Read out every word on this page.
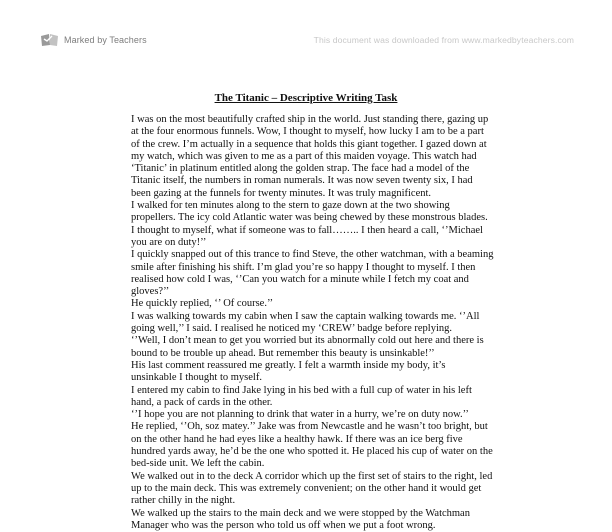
Marked by Teachers	This document was downloaded from www.markedbyteachers.com
The Titanic – Descriptive Writing Task
I was on the most beautifully crafted ship in the world. Just standing there, gazing up
at the four enormous funnels. Wow, I thought to myself, how lucky I am to be a part
of the crew. I’m actually in a sequence that holds this giant together. I gazed down at
my watch, which was given to me as a part of this maiden voyage. This watch had
‘Titanic’ in platinum entitled along the golden strap. The face had a model of the
Titanic itself, the numbers in roman numerals. It was now seven twenty six, I had
been gazing at the funnels for twenty minutes. It was truly magnificent.
I walked for ten minutes along to the stern to gaze down at the two showing
propellers. The icy cold Atlantic water was being chewed by these monstrous blades.
I thought to myself, what if someone was to fall…….. I then heard a call, ‘’Michael
you are on duty!’’
I quickly snapped out of this trance to find Steve, the other watchman, with a beaming
smile after finishing his shift. I’m glad you’re so happy I thought to myself. I then
realised how cold I was, ‘’Can you watch for a minute while I fetch my coat and
gloves?’’
He quickly replied, ‘’ Of course.’’
I was walking towards my cabin when I saw the captain walking towards me. ‘’All
going well,’’ I said. I realised he noticed my ‘CREW’ badge before replying.
‘’Well, I don’t mean to get you worried but its abnormally cold out here and there is
bound to be trouble up ahead. But remember this beauty is unsinkable!’’
His last comment reassured me greatly. I felt a warmth inside my body, it’s
unsinkable I thought to myself.
I entered my cabin to find Jake lying in his bed with a full cup of water in his left
hand, a pack of cards in the other.
‘’I hope you are not planning to drink that water in a hurry, we’re on duty now.’’
He replied, ‘’Oh, soz matey.’’ Jake was from Newcastle and he wasn’t too bright, but
on the other hand he had eyes like a healthy hawk. If there was an ice berg five
hundred yards away, he’d be the one who spotted it. He placed his cup of water on the
bed-side unit. We left the cabin.
We walked out in to the deck A corridor which up the first set of stairs to the right, led
up to the main deck. This was extremely convenient; on the other hand it would get
rather chilly in the night.
We walked up the stairs to the main deck and we were stopped by the Watchman
Manager who was the person who told us off when we put a foot wrong.
